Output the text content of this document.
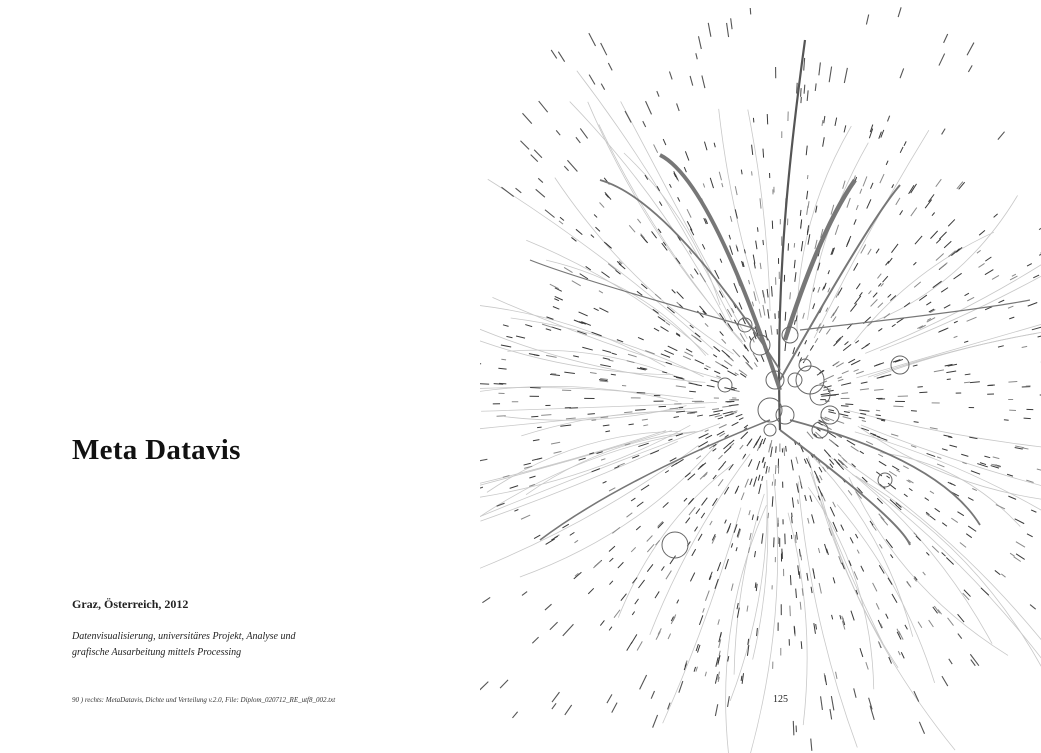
Meta Datavis
Graz, Österreich, 2012
Datenvisualisierung, universitäres Projekt, Analyse und
grafische Ausarbeitung mittels Processing
90 ) rechts: MetaDatavis, Dichte und Verteilung v.2.0, File: Diplom_020712_RE_utf8_002.txt	125
